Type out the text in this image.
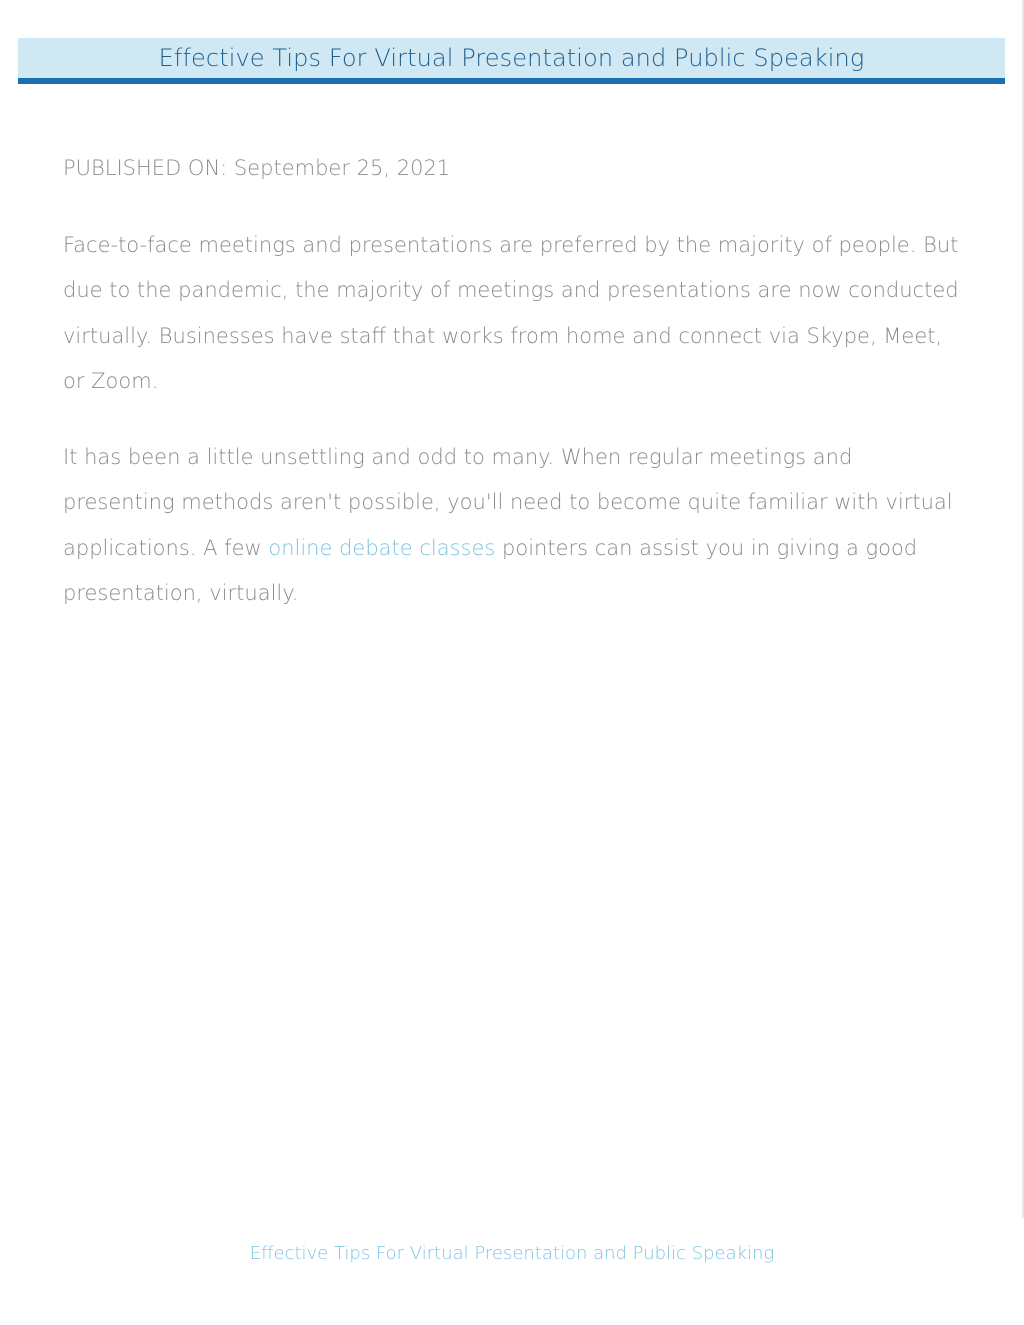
Effective Tips For Virtual Presentation and Public Speaking
PUBLISHED ON: September 25, 2021

Face-to-face meetings and presentations are preferred by the majority of people. But due to the pandemic, the majority of meetings and presentations are now conducted virtually. Businesses have staff that works from home and connect via Skype, Meet, or Zoom.

It has been a little unsettling and odd to many. When regular meetings and presenting methods aren't possible, you'll need to become quite familiar with virtual applications. A few online debate classes pointers can assist you in giving a good presentation, virtually.

Effective Tips For Virtual Presentation and Public Speaking
